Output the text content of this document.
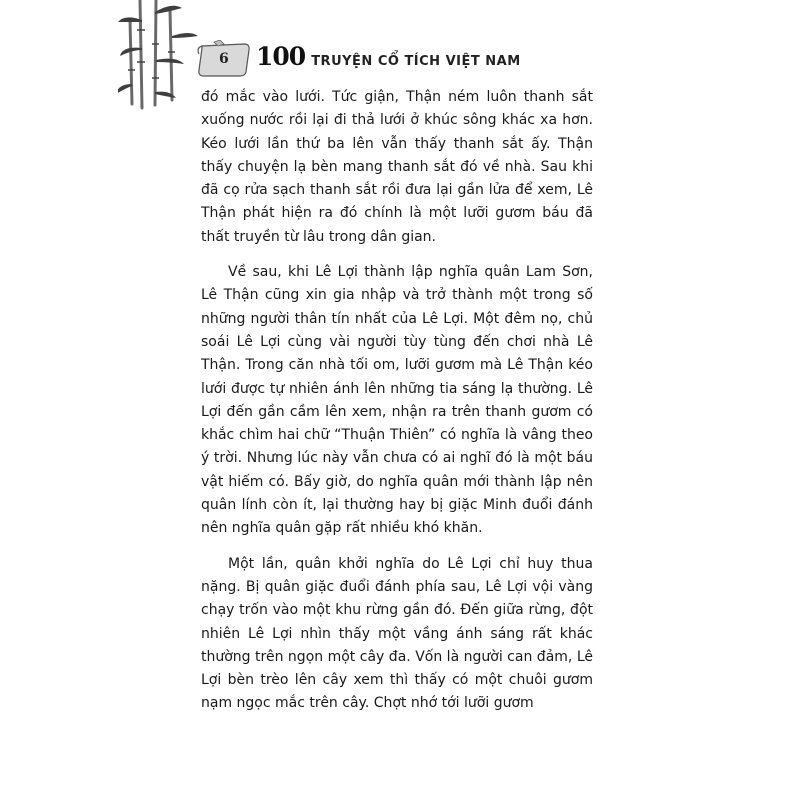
6 100 TRUYỆN CỔ TÍCH VIỆT NAM

đó mắc vào lưới. Tức giận, Thận ném luôn thanh sắt xuống nước rồi lại đi thả lưới ở khúc sông khác xa hơn. Kéo lưới lần thứ ba lên vẫn thấy thanh sắt ấy. Thận thấy chuyện lạ bèn mang thanh sắt đó về nhà. Sau khi đã cọ rửa sạch thanh sắt rồi đưa lại gần lửa để xem, Lê Thận phát hiện ra đó chính là một lưỡi gươm báu đã thất truyền từ lâu trong dân gian.

Về sau, khi Lê Lợi thành lập nghĩa quân Lam Sơn, Lê Thận cũng xin gia nhập và trở thành một trong số những người thân tín nhất của Lê Lợi. Một đêm nọ, chủ soái Lê Lợi cùng vài người tùy tùng đến chơi nhà Lê Thận. Trong căn nhà tối om, lưỡi gươm mà Lê Thận kéo lưới được tự nhiên ánh lên những tia sáng lạ thường. Lê Lợi đến gần cầm lên xem, nhận ra trên thanh gươm có khắc chìm hai chữ “Thuận Thiên” có nghĩa là vâng theo ý trời. Nhưng lúc này vẫn chưa có ai nghĩ đó là một báu vật hiếm có. Bấy giờ, do nghĩa quân mới thành lập nên quân lính còn ít, lại thường hay bị giặc Minh đuổi đánh nên nghĩa quân gặp rất nhiều khó khăn.

Một lần, quân khởi nghĩa do Lê Lợi chỉ huy thua nặng. Bị quân giặc đuổi đánh phía sau, Lê Lợi vội vàng chạy trốn vào một khu rừng gần đó. Đến giữa rừng, đột nhiên Lê Lợi nhìn thấy một vầng ánh sáng rất khác thường trên ngọn một cây đa. Vốn là người can đảm, Lê Lợi bèn trèo lên cây xem thì thấy có một chuôi gươm nạm ngọc mắc trên cây. Chợt nhớ tới lưỡi gươm
